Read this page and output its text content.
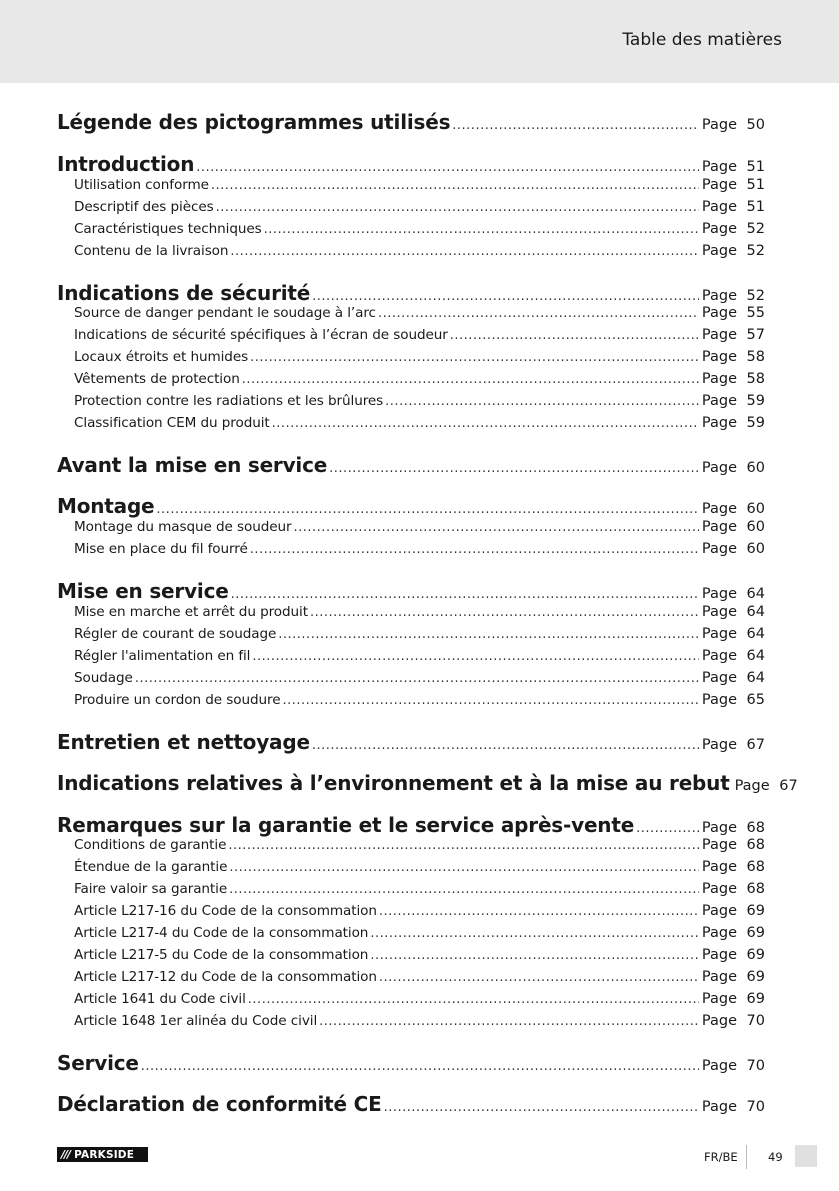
Table des matières
Légende des pictogrammes utilisés .....	Page 50
Introduction .....	Page 51
Utilisation conforme .....	Page 51
Descriptif des pièces .....	Page 51
Caractéristiques techniques .....	Page 52
Contenu de la livraison .....	Page 52
Indications de sécurité .....	Page 52
Source de danger pendant le soudage à l’arc .....	Page 55
Indications de sécurité spécifiques à l’écran de soudeur .....	Page 57
Locaux étroits et humides .....	Page 58
Vêtements de protection .....	Page 58
Protection contre les radiations et les brûlures .....	Page 59
Classification CEM du produit .....	Page 59
Avant la mise en service .....	Page 60
Montage .....	Page 60
Montage du masque de soudeur .....	Page 60
Mise en place du fil fourré .....	Page 60
Mise en service .....	Page 64
Mise en marche et arrêt du produit .....	Page 64
Régler de courant de soudage .....	Page 64
Régler l'alimentation en fil .....	Page 64
Soudage .....	Page 64
Produire un cordon de soudure .....	Page 65
Entretien et nettoyage .....	Page 67
Indications relatives à l’environnement et à la mise au rebut Page 67
Remarques sur la garantie et le service après-vente .....	Page 68
Conditions de garantie .....	Page 68
Étendue de la garantie .....	Page 68
Faire valoir sa garantie .....	Page 68
Article L217-16 du Code de la consommation .....	Page 69
Article L217-4 du Code de la consommation .....	Page 69
Article L217-5 du Code de la consommation .....	Page 69
Article L217-12 du Code de la consommation .....	Page 69
Article 1641 du Code civil .....	Page 69
Article 1648 1er alinéa du Code civil .....	Page 70
Service .....	Page 70
Déclaration de conformité CE .....	Page 70
/// PARKSIDE	FR/BE	49
